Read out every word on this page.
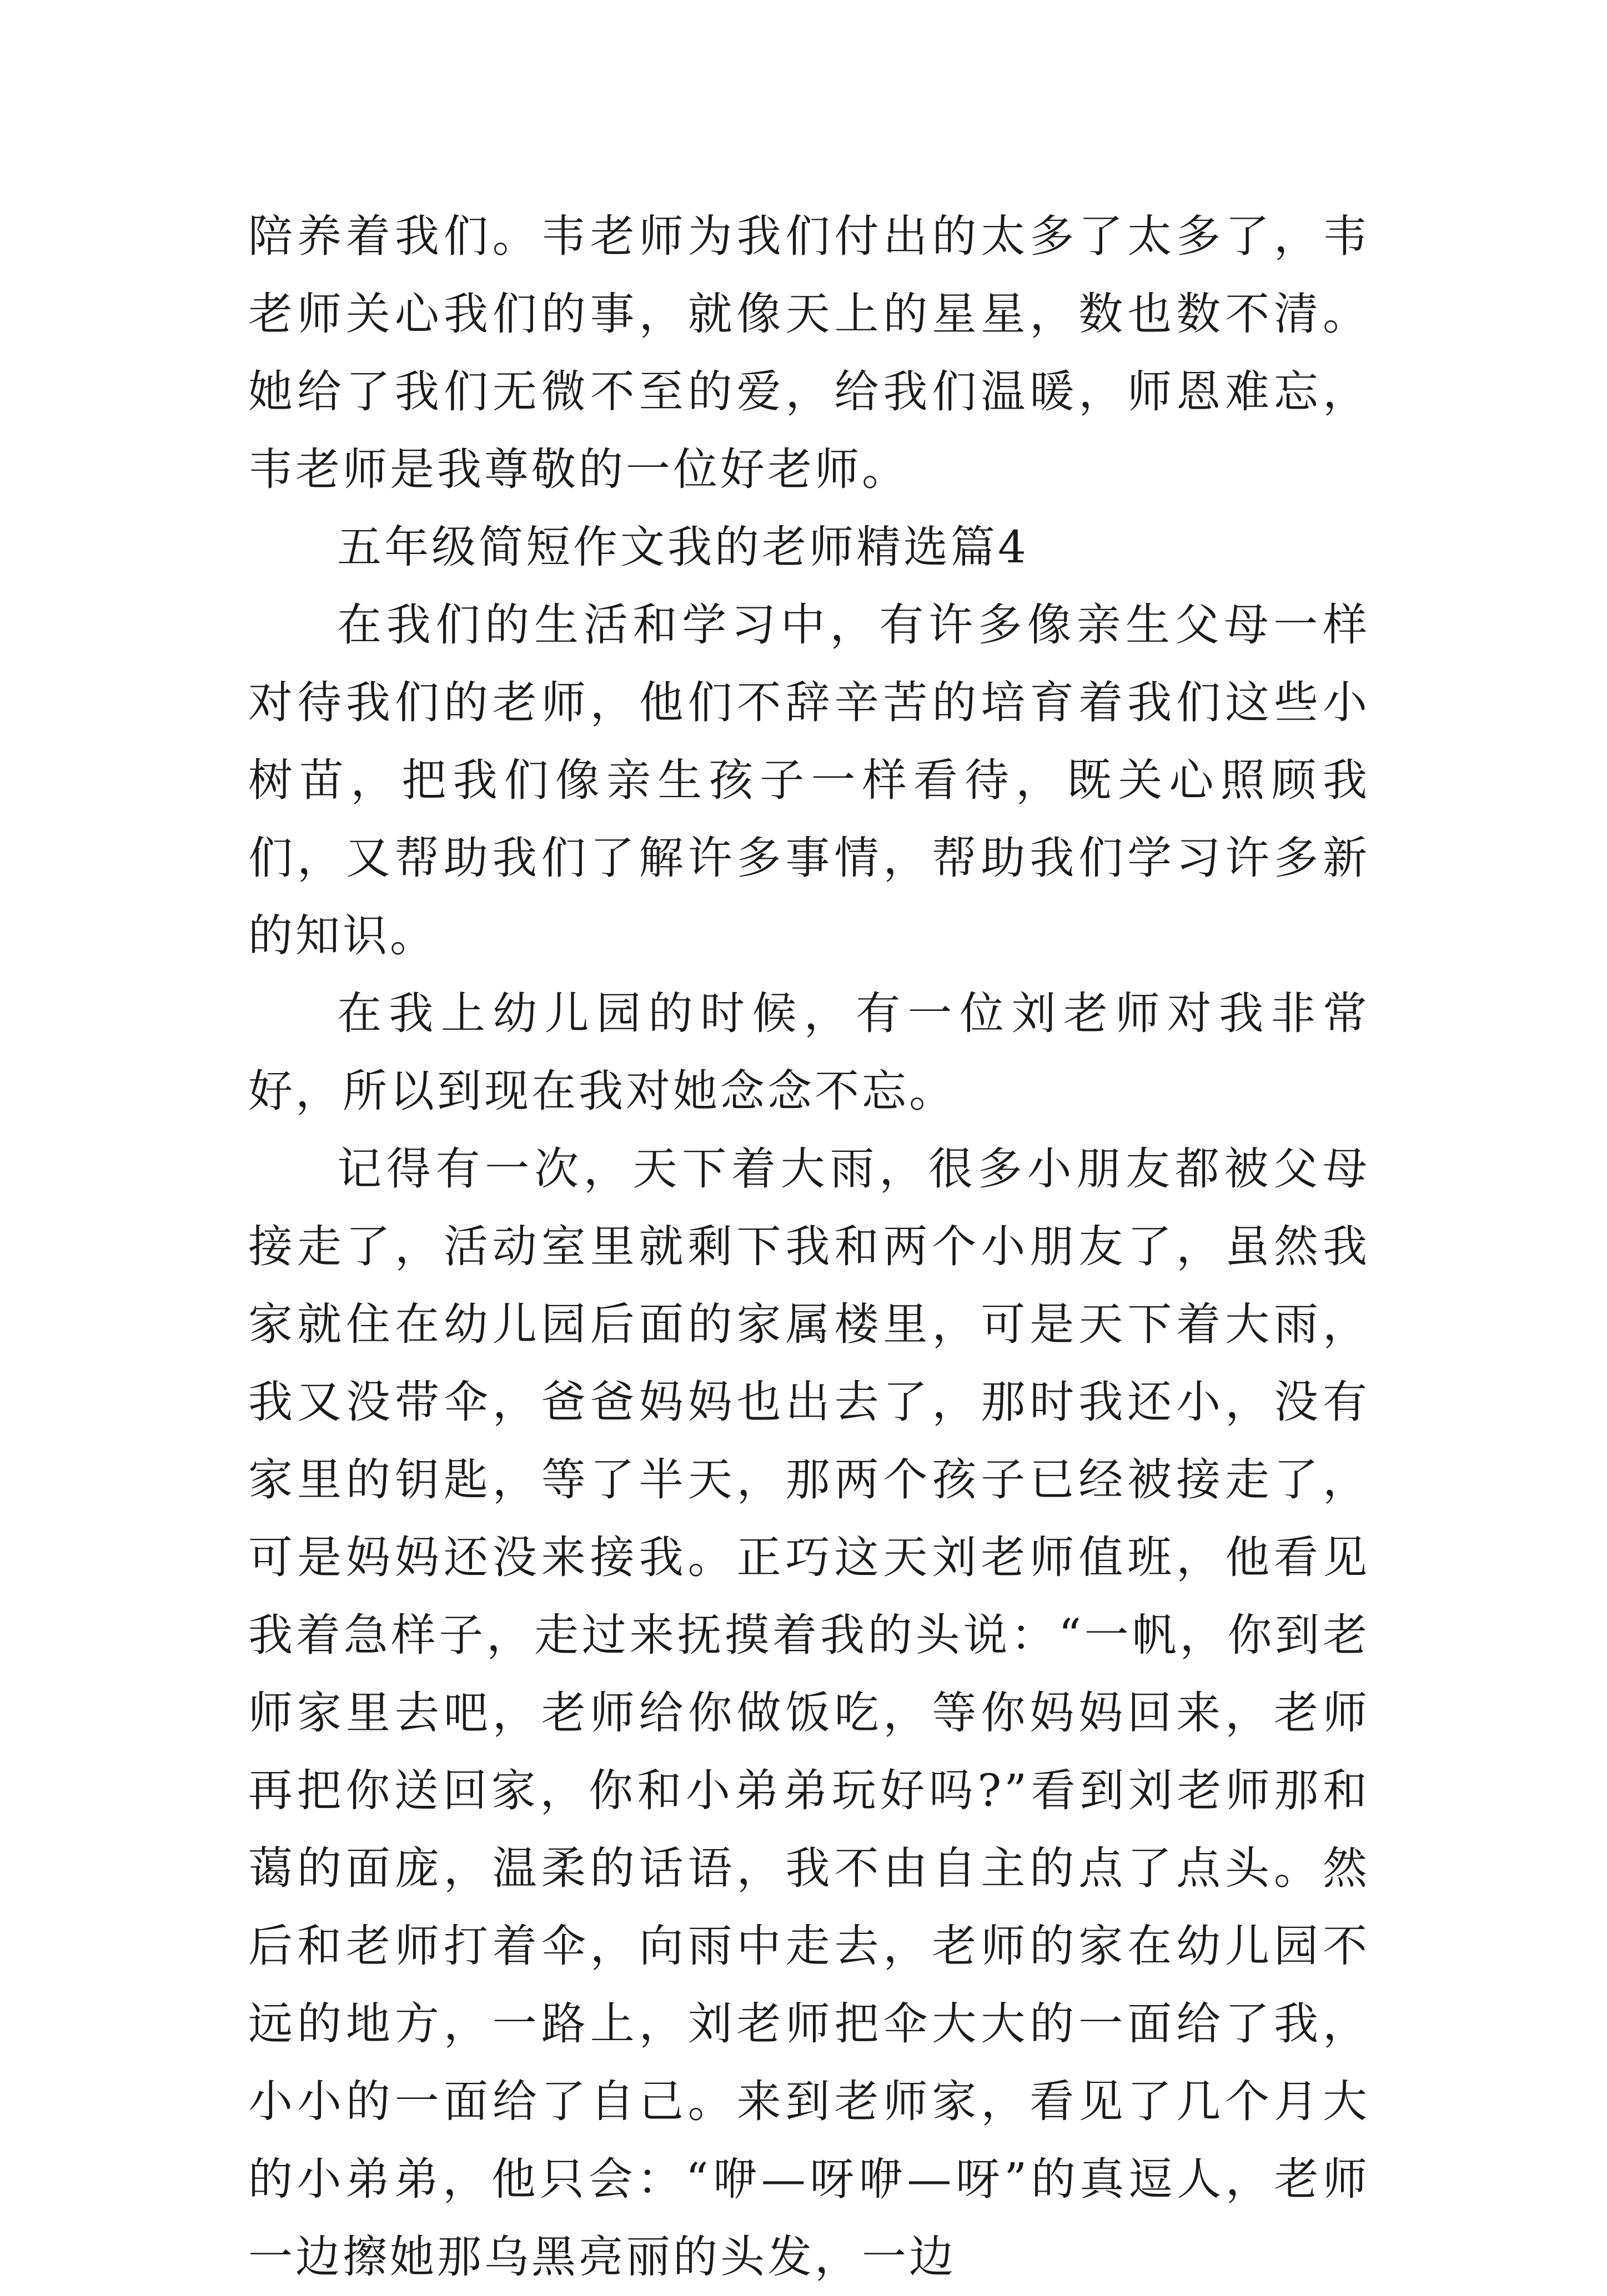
陪养着我们。韦老师为我们付出的太多了太多了，韦老师关心我们的事，就像天上的星星，数也数不清。她给了我们无微不至的爱，给我们温暖，师恩难忘，韦老师是我尊敬的一位好老师。

五年级简短作文我的老师精选篇4

在我们的生活和学习中，有许多像亲生父母一样对待我们的老师，他们不辞辛苦的培育着我们这些小树苗，把我们像亲生孩子一样看待，既关心照顾我们，又帮助我们了解许多事情，帮助我们学习许多新的知识。

在我上幼儿园的时候，有一位刘老师对我非常好，所以到现在我对她念念不忘。

记得有一次，天下着大雨，很多小朋友都被父母接走了，活动室里就剩下我和两个小朋友了，虽然我家就住在幼儿园后面的家属楼里，可是天下着大雨，我又没带伞，爸爸妈妈也出去了，那时我还小，没有家里的钥匙，等了半天，那两个孩子已经被接走了，可是妈妈还没来接我。正巧这天刘老师值班，他看见我着急样子，走过来抚摸着我的头说：“一帆，你到老师家里去吧，老师给你做饭吃，等你妈妈回来，老师再把你送回家，你和小弟弟玩好吗?”看到刘老师那和蔼的面庞，温柔的话语，我不由自主的点了点头。然后和老师打着伞，向雨中走去，老师的家在幼儿园不远的地方，一路上，刘老师把伞大大的一面给了我，小小的一面给了自己。来到老师家，看见了几个月大的小弟弟，他只会：“咿—呀咿—呀”的真逗人，老师一边擦她那乌黑亮丽的头发，一边
